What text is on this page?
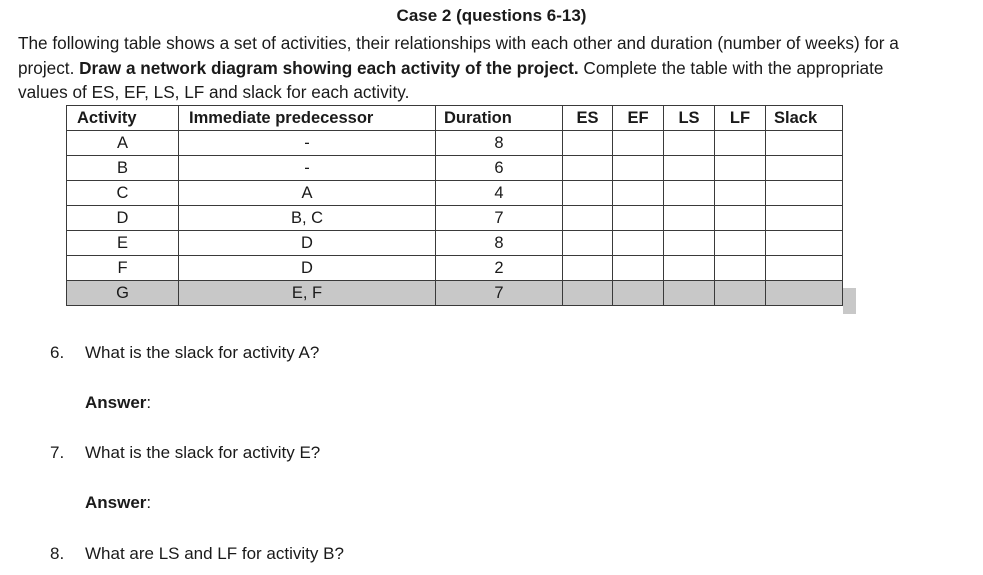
Case 2 (questions 6-13)
The following table shows a set of activities, their relationships with each other and duration (number of weeks) for a project. Draw a network diagram showing each activity of the project. Complete the table with the appropriate values of ES, EF, LS, LF and slack for each activity.
Activity	Immediate predecessor	Duration	ES	EF	LS	LF	Slack
A	-	8					
B	-	6					
C	A	4					
D	B, C	7					
E	D	8					
F	D	2					
G	E, F	7					
6. What is the slack for activity A?
Answer:
7. What is the slack for activity E?
Answer:
8. What are LS and LF for activity B?
